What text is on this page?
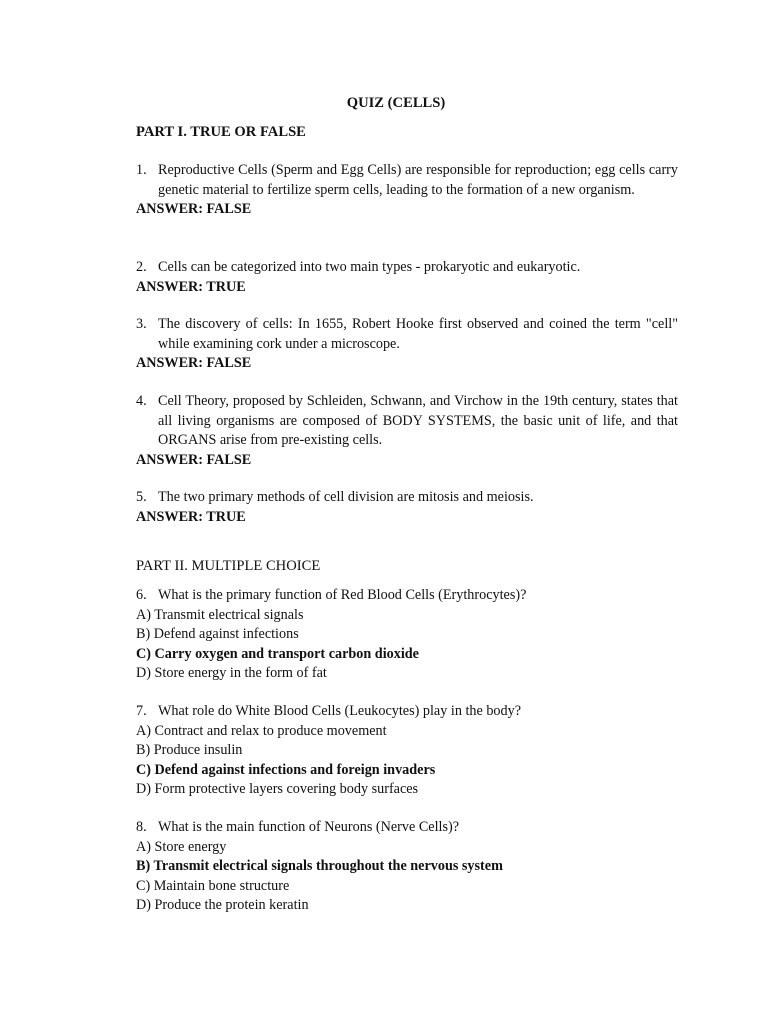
QUIZ (CELLS)
PART I. TRUE OR FALSE
1. Reproductive Cells (Sperm and Egg Cells) are responsible for reproduction; egg cells carry genetic material to fertilize sperm cells, leading to the formation of a new organism.
ANSWER: FALSE
2. Cells can be categorized into two main types - prokaryotic and eukaryotic.
ANSWER: TRUE
3. The discovery of cells: In 1655, Robert Hooke first observed and coined the term "cell" while examining cork under a microscope.
ANSWER: FALSE
4. Cell Theory, proposed by Schleiden, Schwann, and Virchow in the 19th century, states that all living organisms are composed of BODY SYSTEMS, the basic unit of life, and that ORGANS arise from pre-existing cells.
ANSWER: FALSE
5. The two primary methods of cell division are mitosis and meiosis.
ANSWER: TRUE
PART II. MULTIPLE CHOICE
6. What is the primary function of Red Blood Cells (Erythrocytes)?
A) Transmit electrical signals
B) Defend against infections
C) Carry oxygen and transport carbon dioxide
D) Store energy in the form of fat
7. What role do White Blood Cells (Leukocytes) play in the body?
A) Contract and relax to produce movement
B) Produce insulin
C) Defend against infections and foreign invaders
D) Form protective layers covering body surfaces
8. What is the main function of Neurons (Nerve Cells)?
A) Store energy
B) Transmit electrical signals throughout the nervous system
C) Maintain bone structure
D) Produce the protein keratin
